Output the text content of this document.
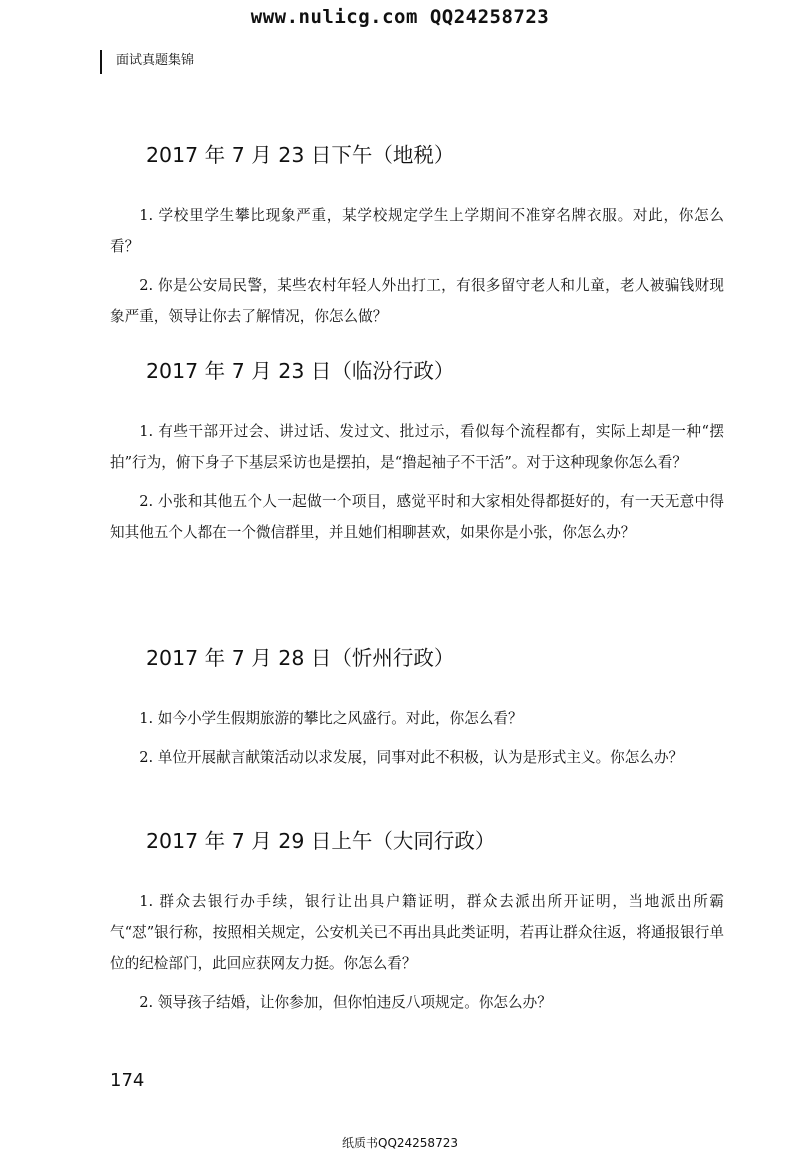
www.nulicg.com QQ24258723
面试真题集锦
2017 年 7 月 23 日下午（地税）
1. 学校里学生攀比现象严重，某学校规定学生上学期间不准穿名牌衣服。对此，你怎么看？
2. 你是公安局民警，某些农村年轻人外出打工，有很多留守老人和儿童，老人被骗钱财现象严重，领导让你去了解情况，你怎么做？
2017 年 7 月 23 日（临汾行政）
1. 有些干部开过会、讲过话、发过文、批过示，看似每个流程都有，实际上却是一种“摆拍”行为，俯下身子下基层采访也是摆拍，是“撸起袖子不干活”。对于这种现象你怎么看？
2. 小张和其他五个人一起做一个项目，感觉平时和大家相处得都挺好的，有一天无意中得知其他五个人都在一个微信群里，并且她们相聊甚欢，如果你是小张，你怎么办？
2017 年 7 月 28 日（忻州行政）
1. 如今小学生假期旅游的攀比之风盛行。对此，你怎么看？
2. 单位开展献言献策活动以求发展，同事对此不积极，认为是形式主义。你怎么办？
2017 年 7 月 29 日上午（大同行政）
1. 群众去银行办手续，银行让出具户籍证明，群众去派出所开证明，当地派出所霸气“怼”银行称，按照相关规定，公安机关已不再出具此类证明，若再让群众往返，将通报银行单位的纪检部门，此回应获网友力挺。你怎么看？
2. 领导孩子结婚，让你参加，但你怕违反八项规定。你怎么办？
174
纸质书QQ24258723
